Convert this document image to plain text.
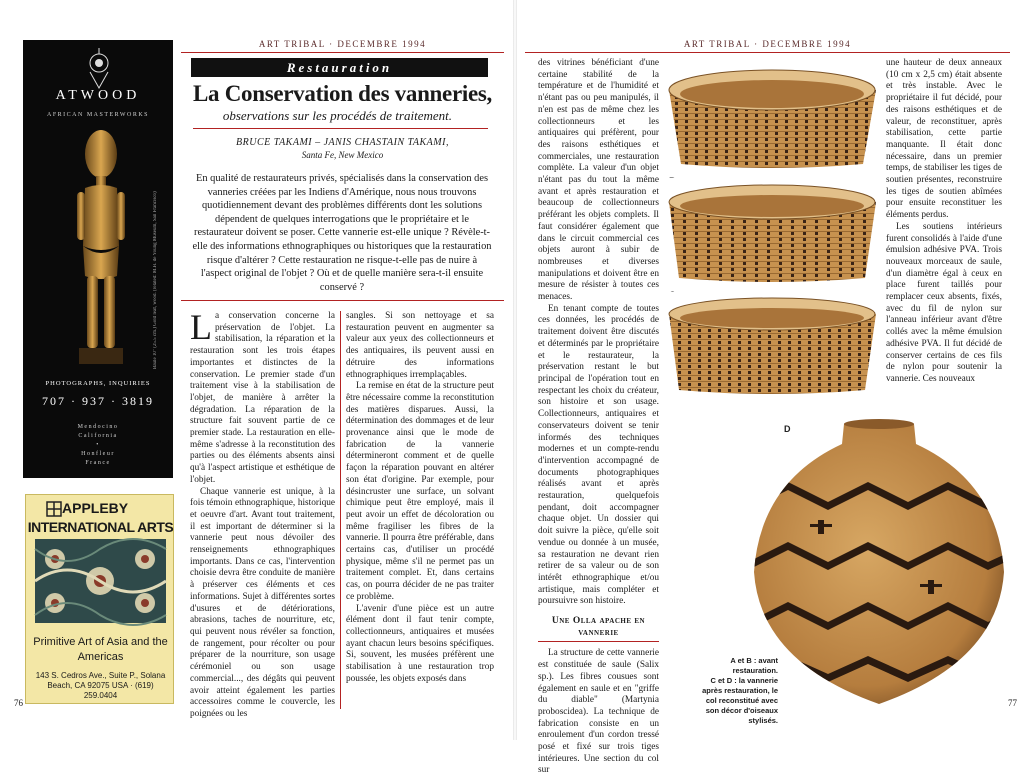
ART TRIBAL · DECEMBRE 1994	ART TRIBAL · DECEMBRE 1994
76	77
ATWOOD
AFRICAN MASTERWORKS
Baule 10" (25.5 cm.) Gold leaf, wood. (related: M.H. de Young Museum, San Francisco)
PHOTOGRAPHS, INQUIRIES
707 · 937 · 3819
Mendocino
California
•
Honfleur
France
APPLEBY
INTERNATIONAL ARTS
Primitive Art of Asia and the Americas
143 S. Cedros Ave., Suite P., Solana
Beach, CA 92075 USA · (619) 259.0404
Restauration
La Conservation des vanneries,
observations sur les procédés de traitement.
BRUCE TAKAMI – JANIS CHASTAIN TAKAMI,
Santa Fe, New Mexico
En qualité de restaurateurs privés, spécialisés dans la conservation des vanneries créées par les Indiens d'Amérique, nous nous trouvons quotidiennement devant des problèmes différents dont les solutions dépendent de quelques interrogations que le propriétaire et le restaurateur doivent se poser. Cette vannerie est-elle unique ? Révèle-t-elle des informations ethnographiques ou historiques que la restauration risque d'altérer ? Cette restauration ne risque-t-elle pas de nuire à l'aspect original de l'objet ? Où et de quelle manière sera-t-il ensuite conservé ?

La conservation concerne la préservation de l'objet. La stabilisation, la réparation et la restauration sont les trois étapes importantes et distinctes de la conservation. Le premier stade d'un traitement vise à la stabilisation de l'objet, de manière à arrêter la dégradation. La réparation de la structure fait souvent partie de ce premier stade. La restauration en elle-même s'adresse à la reconstitution des parties ou des éléments absents ainsi qu'à l'aspect artistique et esthétique de l'objet.

Chaque vannerie est unique, à la fois témoin ethnographique, historique et oeuvre d'art. Avant tout traitement, il est important de déterminer si la vannerie peut nous dévoiler des renseignements ethnographiques importants. Dans ce cas, l'intervention choisie devra être conduite de manière à préserver ces éléments et ces informations. Sujet à différentes sortes d'usures et de détériorations, abrasions, taches de nourriture, etc, qui peuvent nous révéler sa fonction, de rangement, pour récolter ou pour préparer de la nourriture, son usage cérémoniel ou son usage commercial..., des dégâts qui peuvent avoir atteint également les parties accessoires comme le couvercle, les poignées ou les

sangles. Si son nettoyage et sa restauration peuvent en augmenter sa valeur aux yeux des collectionneurs et des antiquaires, ils peuvent aussi en détruire des informations ethnographiques irremplaçables.

La remise en état de la structure peut être nécessaire comme la reconstitution des matières disparues. Aussi, la détermination des dommages et de leur provenance ainsi que le mode de fabrication de la vannerie détermineront comment et de quelle façon la réparation pouvant en altérer son état d'origine. Par exemple, pour désincruster une surface, un solvant chimique peut être employé, mais il peut avoir un effet de décoloration ou même fragiliser les fibres de la vannerie. Il pourra être préférable, dans certains cas, d'utiliser un procédé physique, même s'il ne permet pas un traitement complet. Et, dans certains cas, on pourra décider de ne pas traiter ce problème.

L'avenir d'une pièce est un autre élément dont il faut tenir compte, collectionneurs, antiquaires et musées ayant chacun leurs besoins spécifiques. Si, souvent, les musées préfèrent une stabilisation à une restauration trop poussée, les objets exposés dans

des vitrines bénéficiant d'une certaine stabilité de la température et de l'humidité et n'étant pas ou peu manipulés, il n'en est pas de même chez les collectionneurs et les antiquaires qui préfèrent, pour des raisons esthétiques et commerciales, une restauration complète. La valeur d'un objet n'étant pas du tout la même avant et après restauration et beaucoup de collectionneurs préférant les objets complets. Il faut considérer également que dans le circuit commercial ces objets auront à subir de nombreuses et diverses manipulations et doivent être en mesure de résister à toutes ces menaces.

En tenant compte de toutes ces données, les procédés de traitement doivent être discutés et déterminés par le propriétaire et le restaurateur, la préservation restant le but principal de l'opération tout en respectant les choix du créateur, son histoire et son usage. Collectionneurs, antiquaires et conservateurs doivent se tenir informés des techniques modernes et un compte-rendu d'intervention accompagné de documents photographiques réalisés avant et après restauration, quelquefois pendant, doit accompagner chaque objet. Un dossier qui doit suivre la pièce, qu'elle soit vendue ou donnée à un musée, sa restauration ne devant rien retirer de sa valeur ou de son intérêt ethnographique et/ou artistique, mais compléter et poursuivre son histoire.

Une Olla apache en vannerie

La structure de cette vannerie est constituée de saule (Salix sp.). Les fibres cousues sont également en saule et en "griffe du diable" (Martynia proboscidea). La technique de fabrication consiste en un enroulement d'un cordon tressé posé et fixé sur trois tiges intérieures. Une section du col sur

une hauteur de deux anneaux (10 cm x 2,5 cm) était absente et très instable. Avec le propriétaire il fut décidé, pour des raisons esthétiques et de valeur, de reconstituer, après stabilisation, cette partie manquante. Il était donc nécessaire, dans un premier temps, de stabiliser les tiges de soutien présentes, reconstruire les tiges de soutien abîmées pour ensuite reconstituer les éléments perdus.

Les soutiens intérieurs furent consolidés à l'aide d'une émulsion adhésive PVA. Trois nouveaux morceaux de saule, d'un diamètre égal à ceux en place furent taillés pour remplacer ceux absents, fixés, avec du fil de nylon sur l'anneau inférieur avant d'être collés avec la même émulsion adhésive PVA. Il fut décidé de conserver certains de ces fils de nylon pour soutenir la vannerie. Ces nouveaux

D
A et B : avant restauration.
C et D : la vannerie après restauration, le col reconstitué avec son décor d'oiseaux stylisés.
